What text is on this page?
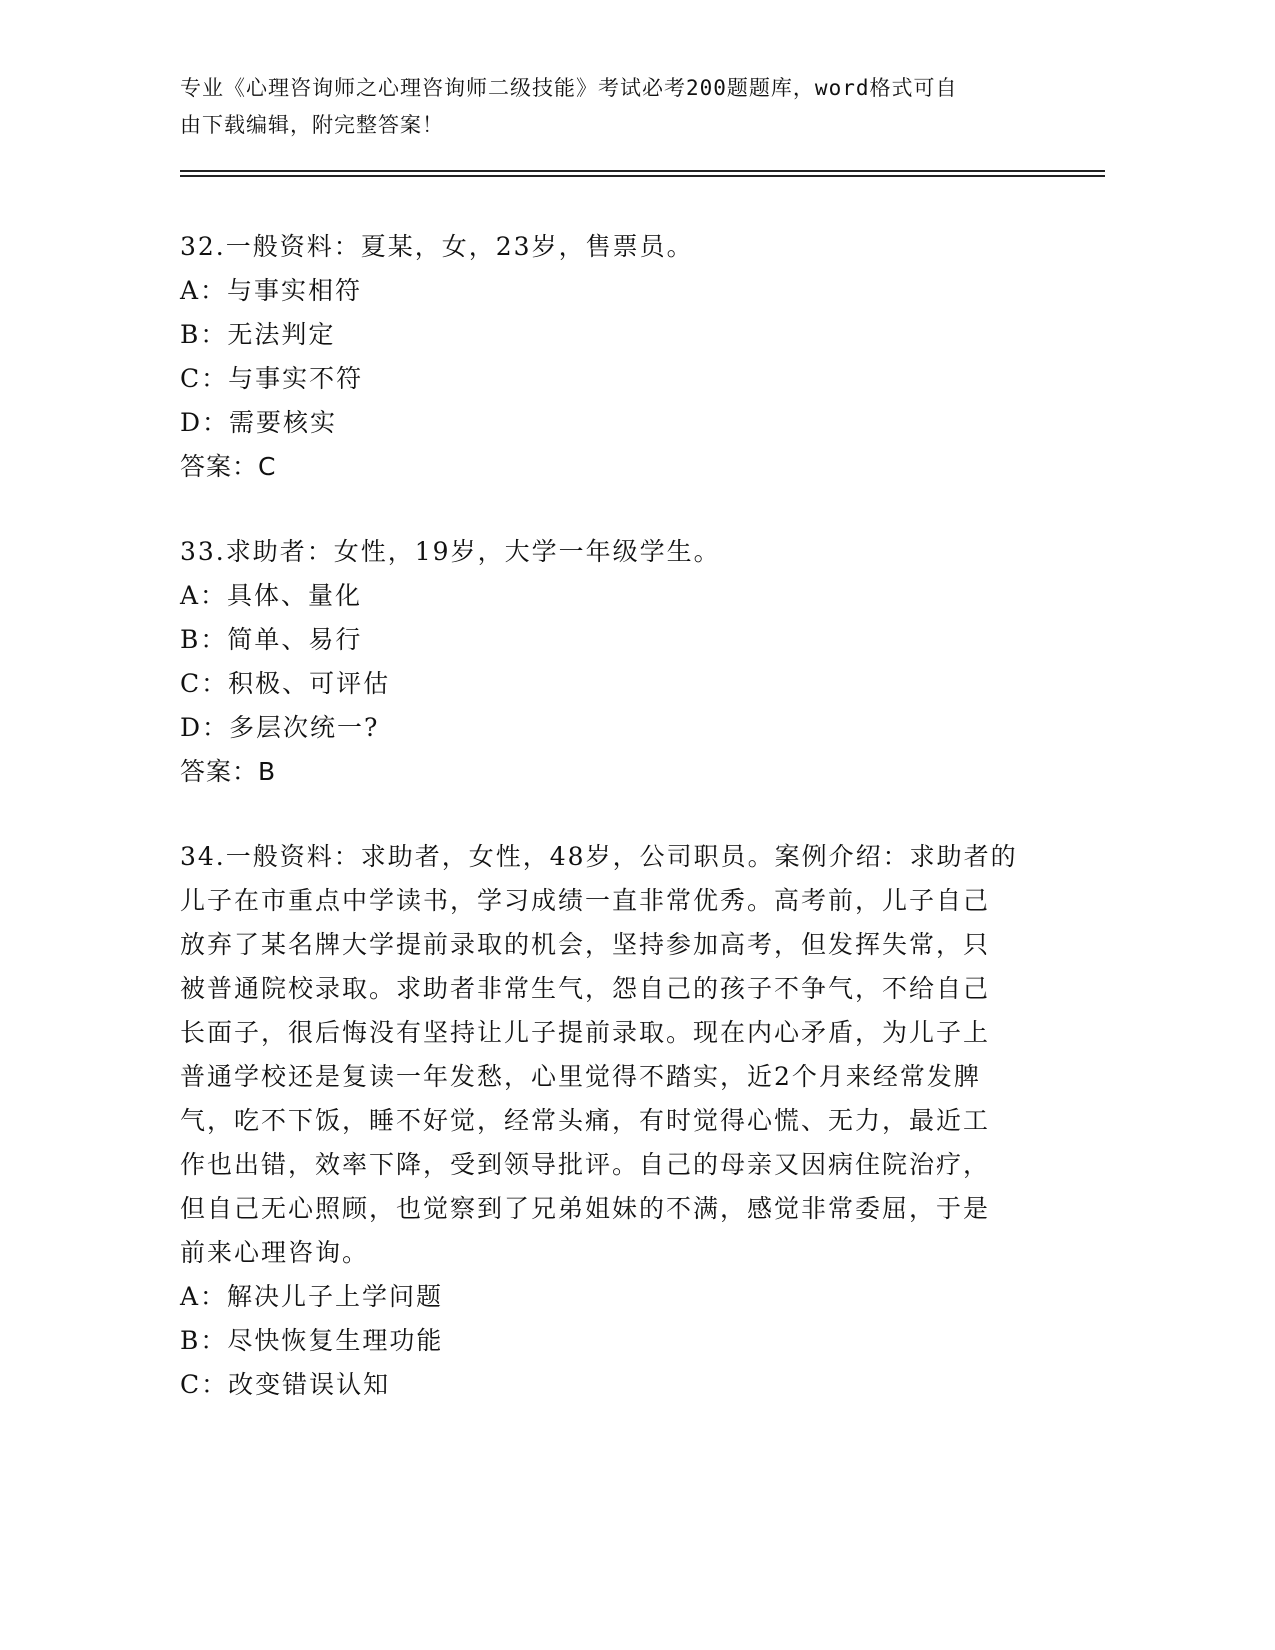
专业《心理咨询师之心理咨询师二级技能》考试必考200题题库，word格式可自
由下载编辑，附完整答案！
32.一般资料：夏某，女，23岁，售票员。
A：与事实相符
B：无法判定
C：与事实不符
D：需要核实
答案：C
33.求助者：女性，19岁，大学一年级学生。
A：具体、量化
B：简单、易行
C：积极、可评估
D：多层次统一?
答案：B
34.一般资料：求助者，女性，48岁，公司职员。案例介绍：求助者的
儿子在市重点中学读书，学习成绩一直非常优秀。高考前，儿子自己
放弃了某名牌大学提前录取的机会，坚持参加高考，但发挥失常，只
被普通院校录取。求助者非常生气，怨自己的孩子不争气，不给自己
长面子，很后悔没有坚持让儿子提前录取。现在内心矛盾，为儿子上
普通学校还是复读一年发愁，心里觉得不踏实，近2个月来经常发脾
气，吃不下饭，睡不好觉，经常头痛，有时觉得心慌、无力，最近工
作也出错，效率下降，受到领导批评。自己的母亲又因病住院治疗，
但自己无心照顾，也觉察到了兄弟姐妹的不满，感觉非常委屈，于是
前来心理咨询。
A：解决儿子上学问题
B：尽快恢复生理功能
C：改变错误认知
